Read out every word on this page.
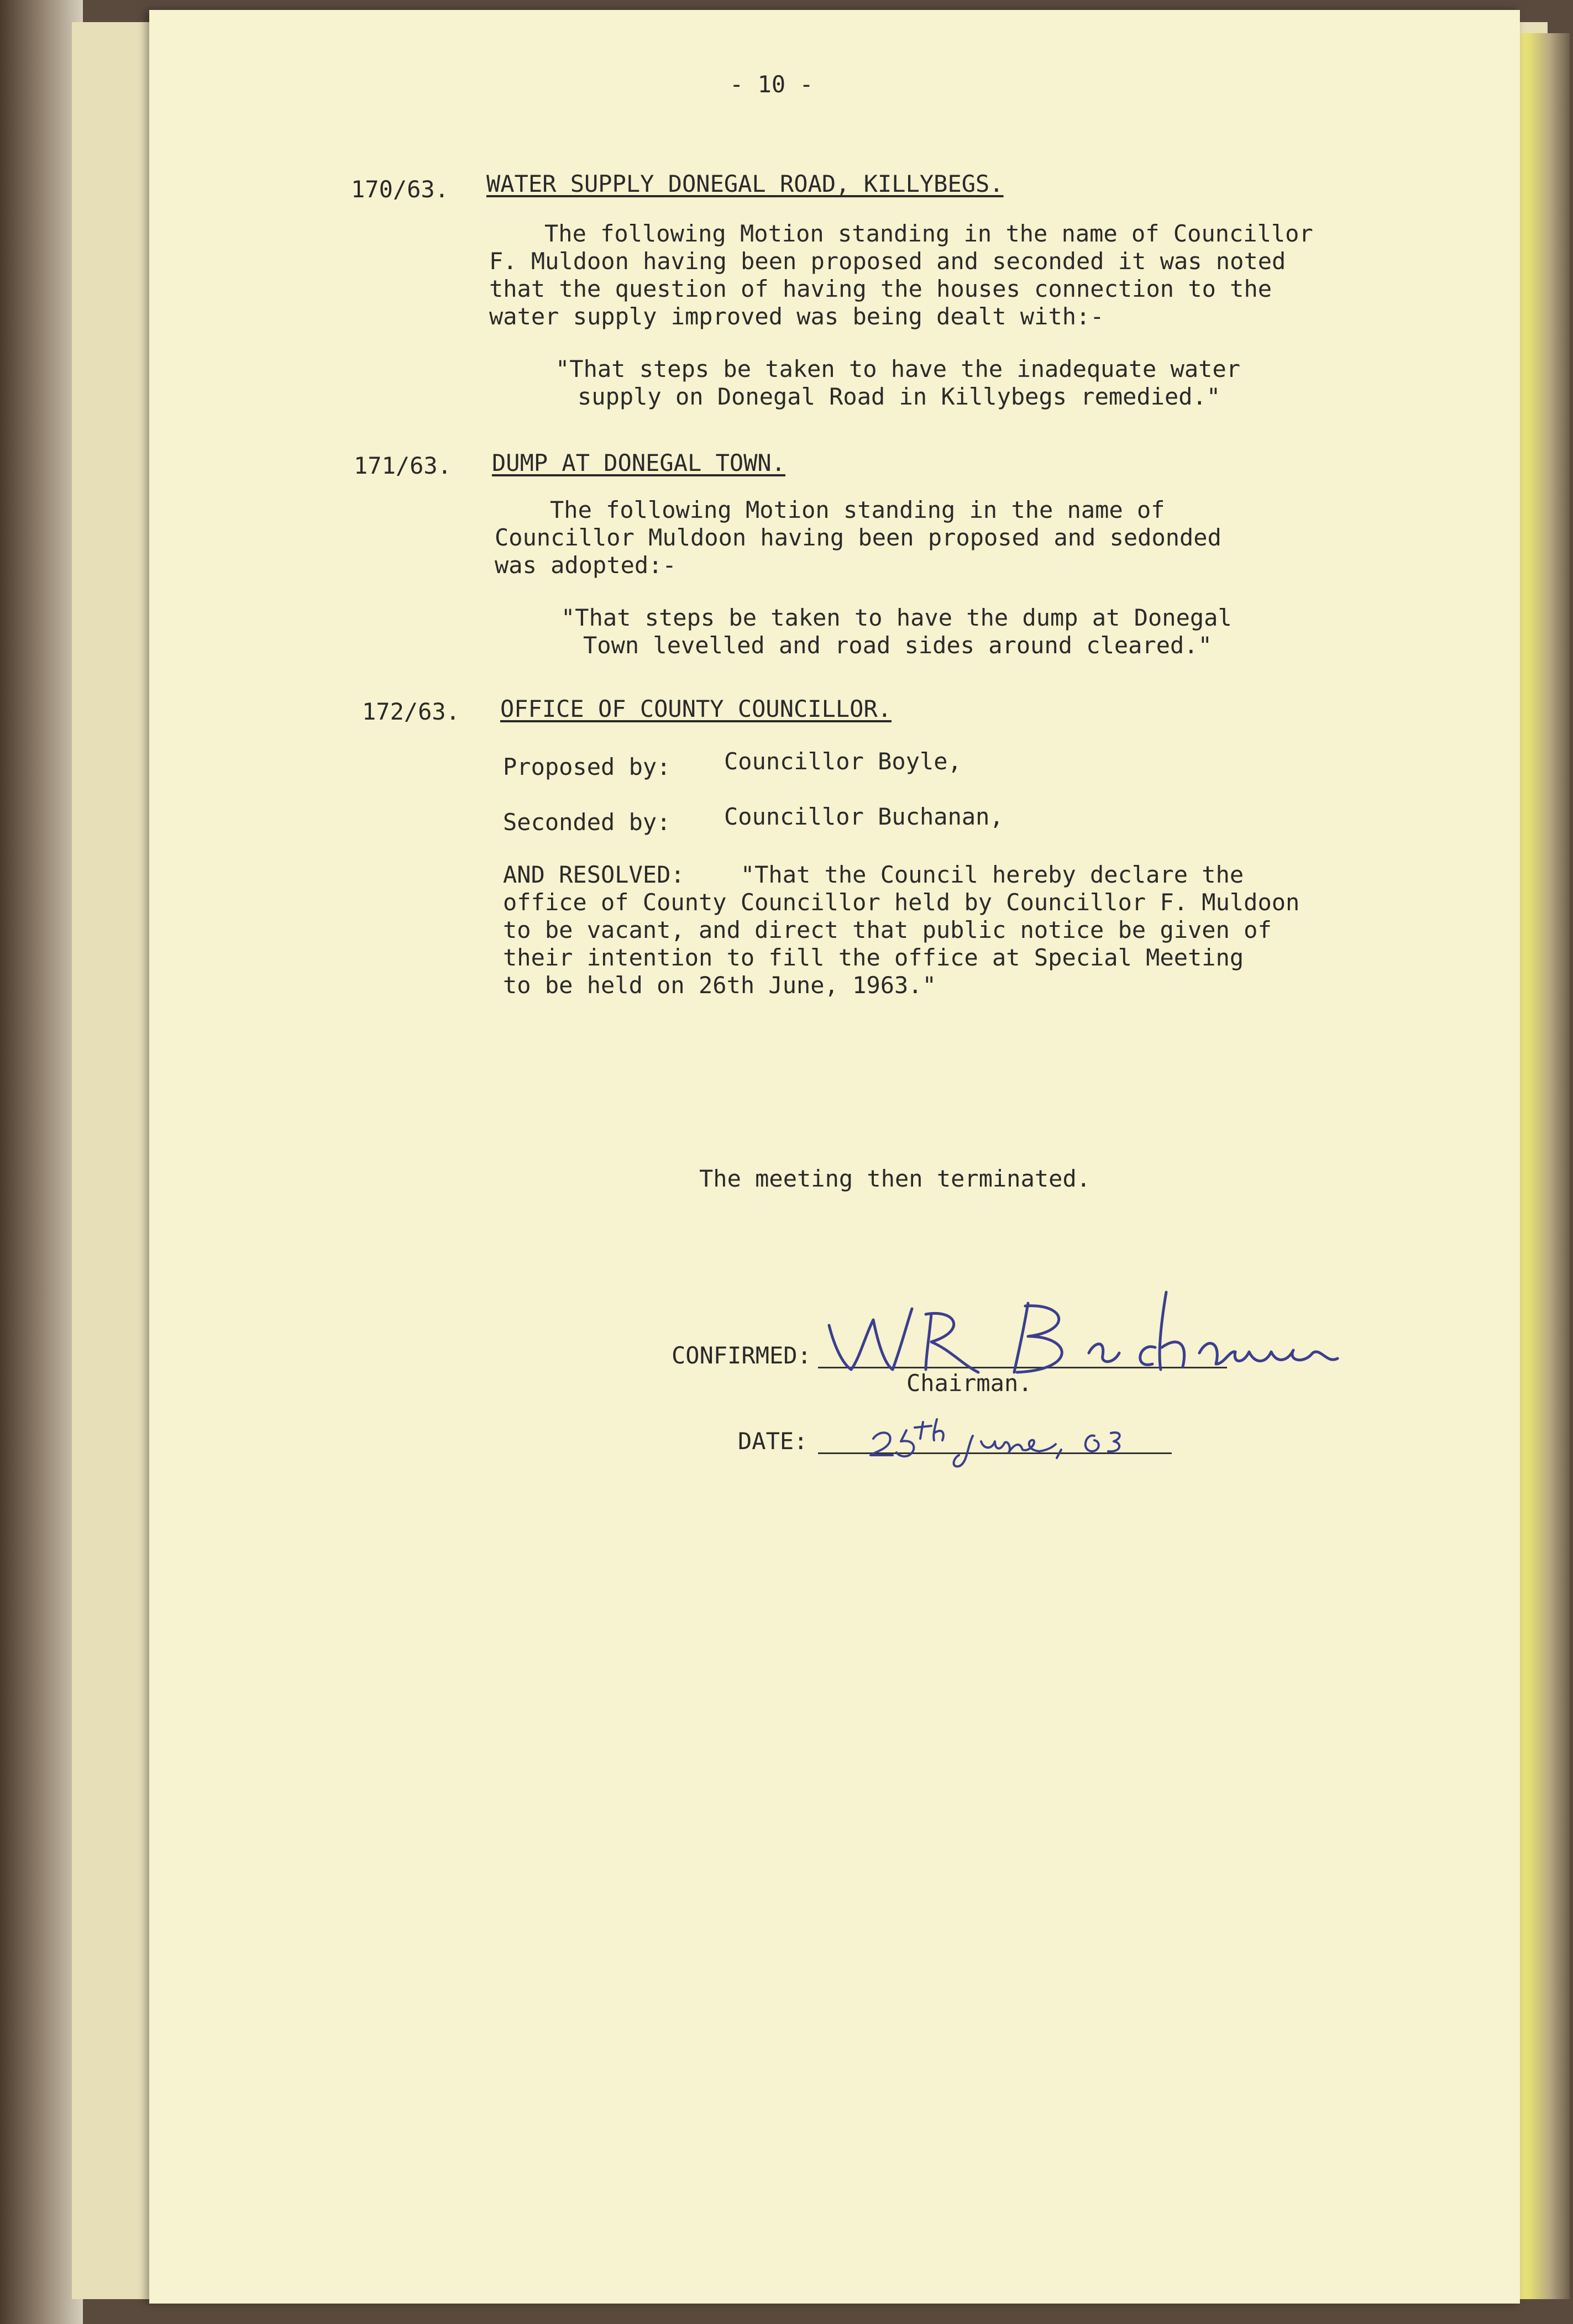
- 10 -
170/63. WATER SUPPLY DONEGAL ROAD, KILLYBEGS.
The following Motion standing in the name of Councillor
F. Muldoon having been proposed and seconded it was noted
that the question of having the houses connection to the
water supply improved was being dealt with:-
"That steps be taken to have the inadequate water
supply on Donegal Road in Killybegs remedied."
171/63. DUMP AT DONEGAL TOWN.
The following Motion standing in the name of
Councillor Muldoon having been proposed and sedonded
was adopted:-
"That steps be taken to have the dump at Donegal
Town levelled and road sides around cleared."
172/63. OFFICE OF COUNTY COUNCILLOR.
Proposed by: Councillor Boyle,
Seconded by: Councillor Buchanan,
AND RESOLVED:    "That the Council hereby declare the
office of County Councillor held by Councillor F. Muldoon
to be vacant, and direct that public notice be given of
their intention to fill the office at Special Meeting
to be held on 26th June, 1963."
The meeting then terminated.
CONFIRMED:
Chairman.
DATE:
